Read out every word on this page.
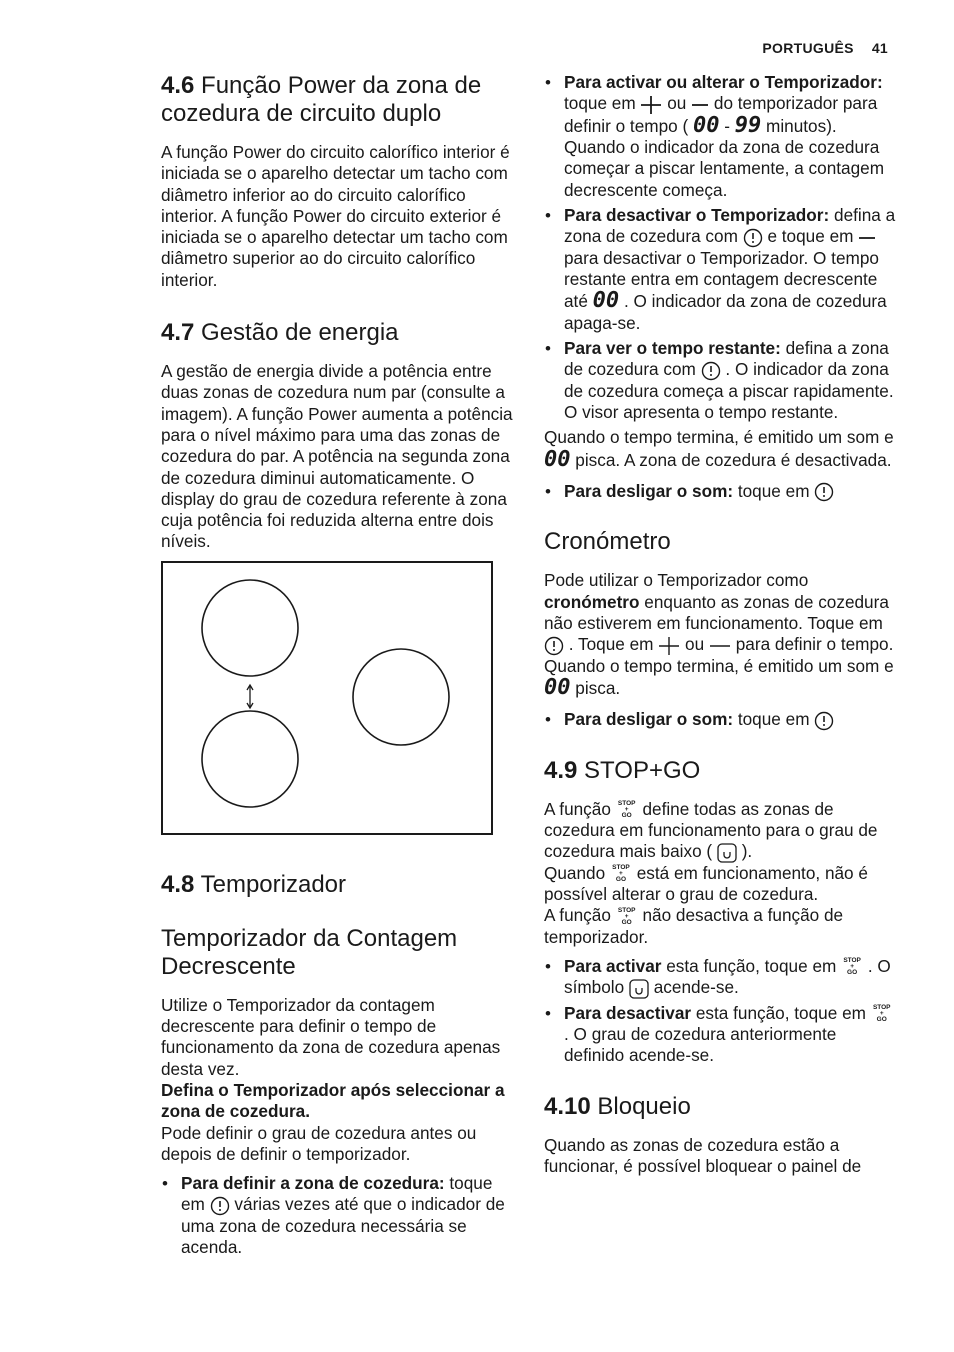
PORTUGUÊS 41
4.6 Função Power da zona de
cozedura de circuito duplo

A função Power do circuito calorífico interior é iniciada se o aparelho detectar um tacho com diâmetro inferior ao do circuito calorífico interior. A função Power do circuito exterior é iniciada se o aparelho detectar um tacho com diâmetro superior ao do circuito calorífico interior.

4.7 Gestão de energia

A gestão de energia divide a potência entre duas zonas de cozedura num par (consulte a imagem). A função Power aumenta a potência para o nível máximo para uma das zonas de cozedura do par. A potência na segunda zona de cozedura diminui automaticamente. O display do grau de cozedura referente à zona cuja potência foi reduzida alterna entre dois níveis.

4.8 Temporizador
Temporizador da Contagem Decrescente

Utilize o Temporizador da contagem decrescente para definir o tempo de funcionamento da zona de cozedura apenas desta vez.

Defina o Temporizador após seleccionar a zona de cozedura.

Pode definir o grau de cozedura antes ou depois de definir o temporizador.

• Para definir a zona de cozedura: toque em  várias vezes até que o indicador de uma zona de cozedura necessária se acenda.
• Para activar ou alterar o Temporizador: toque em  ou  do temporizador para definir o tempo ( 00 - 99 minutos). Quando o indicador da zona de cozedura começar a piscar lentamente, a contagem decrescente começa.
• Para desactivar o Temporizador: defina a zona de cozedura com  e toque em  para desactivar o Temporizador. O tempo restante entra em contagem decrescente até 00 . O indicador da zona de cozedura apaga-se.
• Para ver o tempo restante: defina a zona de cozedura com  . O indicador da zona de cozedura começa a piscar rapidamente. O visor apresenta o tempo restante.

Quando o tempo termina, é emitido um som e 00 pisca. A zona de cozedura é desactivada.

• Para desligar o som: toque em
Cronómetro

Pode utilizar o Temporizador como cronómetro enquanto as zonas de cozedura não estiverem em funcionamento. Toque em  . Toque em  ou  para definir o tempo. Quando o tempo termina, é emitido um som e 00 pisca.

• Para desligar o som: toque em
4.9 STOP+GO

A função STOP
+
GO define todas as zonas de cozedura em funcionamento para o grau de cozedura mais baixo (  ).

Quando STOP
+
GO está em funcionamento, não é possível alterar o grau de cozedura.

A função STOP
+
GO não desactiva a função de temporizador.

• Para activar esta função, toque em STOP
+
GO . O símbolo  acende-se.
• Para desactivar esta função, toque em STOP
+
GO . O grau de cozedura anteriormente definido acende-se.
4.10 Bloqueio

Quando as zonas de cozedura estão a funcionar, é possível bloquear o painel de
